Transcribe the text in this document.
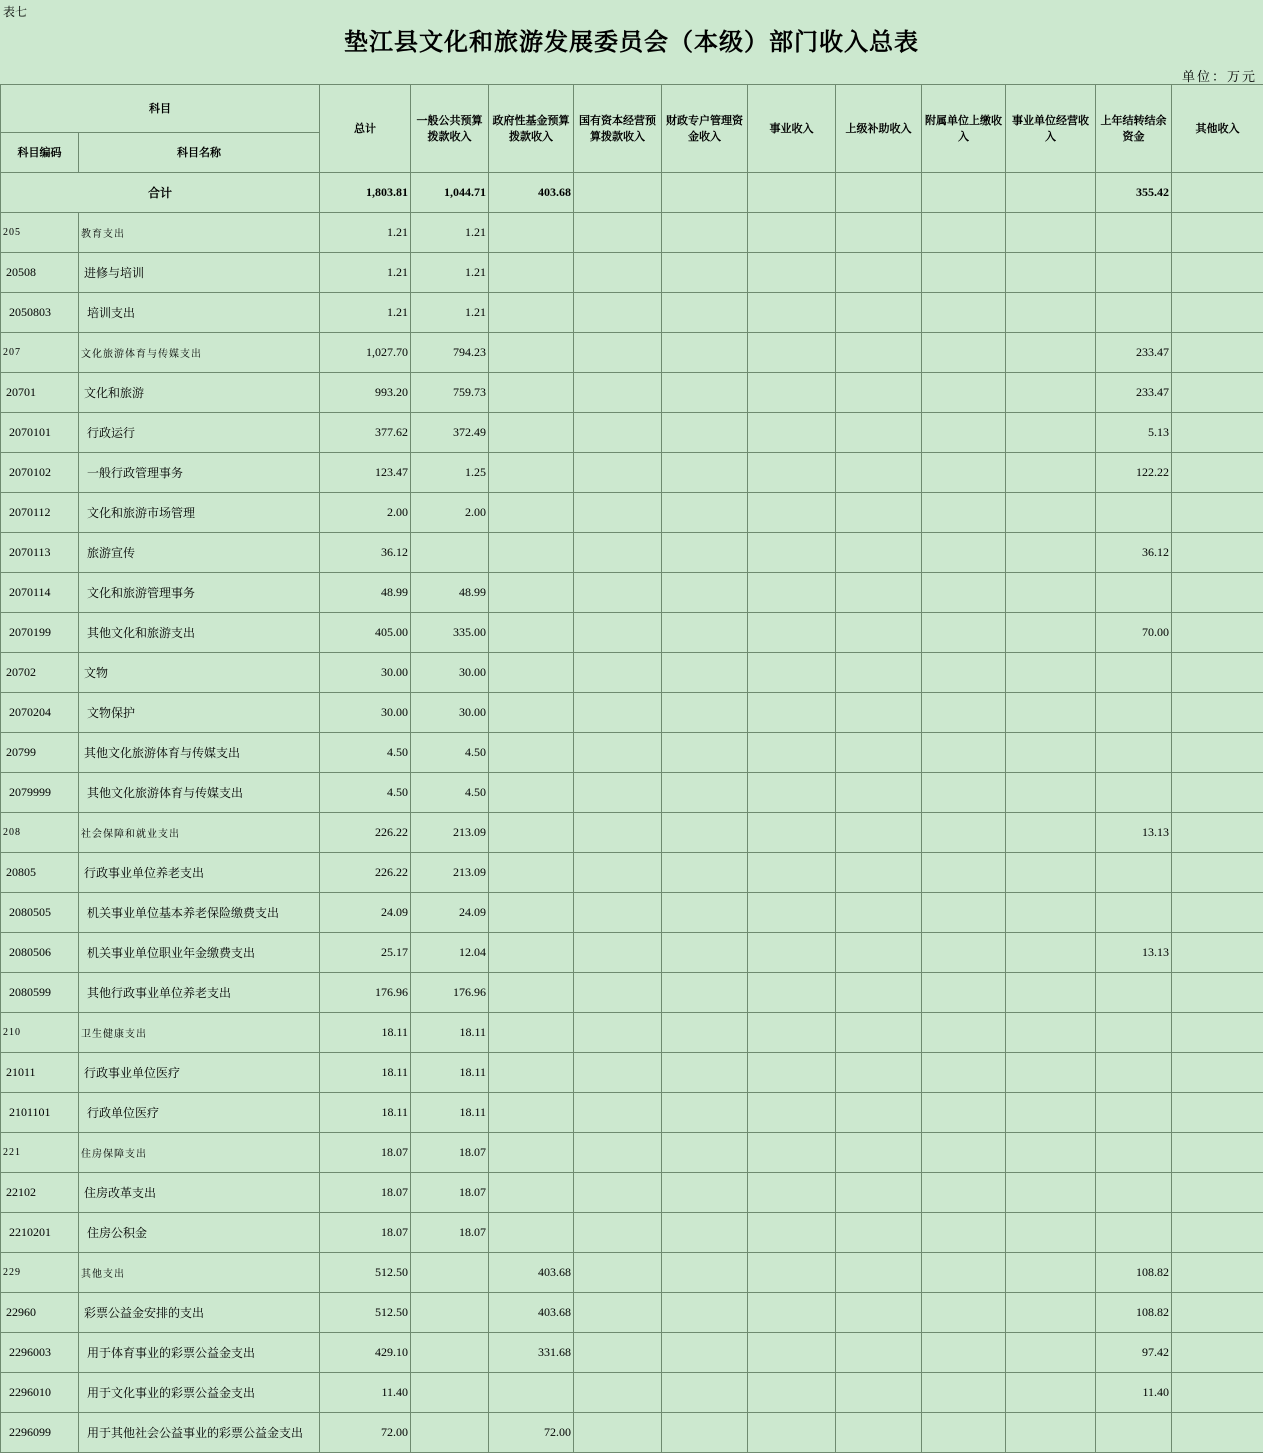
表七
垫江县文化和旅游发展委员会（本级）部门收入总表
单位：万元
科目		总计	一般公共预算拨款收入	政府性基金预算拨款收入	国有资本经营预算拨款收入	财政专户管理资金收入	事业收入	上级补助收入	附属单位上缴收入	事业单位经营收入	上年结转结余资金	其他收入
科目编码	科目名称											
合计		1,803.81	1,044.71	403.68							355.42	
205	教育支出	1.21	1.21									
20508	进修与培训	1.21	1.21									
2050803	培训支出	1.21	1.21									
207	文化旅游体育与传媒支出	1,027.70	794.23								233.47	
20701	文化和旅游	993.20	759.73								233.47	
2070101	行政运行	377.62	372.49								5.13	
2070102	一般行政管理事务	123.47	1.25								122.22	
2070112	文化和旅游市场管理	2.00	2.00									
2070113	旅游宣传	36.12									36.12	
2070114	文化和旅游管理事务	48.99	48.99									
2070199	其他文化和旅游支出	405.00	335.00								70.00	
20702	文物	30.00	30.00									
2070204	文物保护	30.00	30.00									
20799	其他文化旅游体育与传媒支出	4.50	4.50									
2079999	其他文化旅游体育与传媒支出	4.50	4.50									
208	社会保障和就业支出	226.22	213.09								13.13	
20805	行政事业单位养老支出	226.22	213.09									
2080505	机关事业单位基本养老保险缴费支出	24.09	24.09									
2080506	机关事业单位职业年金缴费支出	25.17	12.04								13.13	
2080599	其他行政事业单位养老支出	176.96	176.96									
210	卫生健康支出	18.11	18.11									
21011	行政事业单位医疗	18.11	18.11									
2101101	行政单位医疗	18.11	18.11									
221	住房保障支出	18.07	18.07									
22102	住房改革支出	18.07	18.07									
2210201	住房公积金	18.07	18.07									
229	其他支出	512.50		403.68							108.82	
22960	彩票公益金安排的支出	512.50		403.68							108.82	
2296003	用于体育事业的彩票公益金支出	429.10		331.68							97.42	
2296010	用于文化事业的彩票公益金支出	11.40									11.40	
2296099	用于其他社会公益事业的彩票公益金支出	72.00		72.00								
